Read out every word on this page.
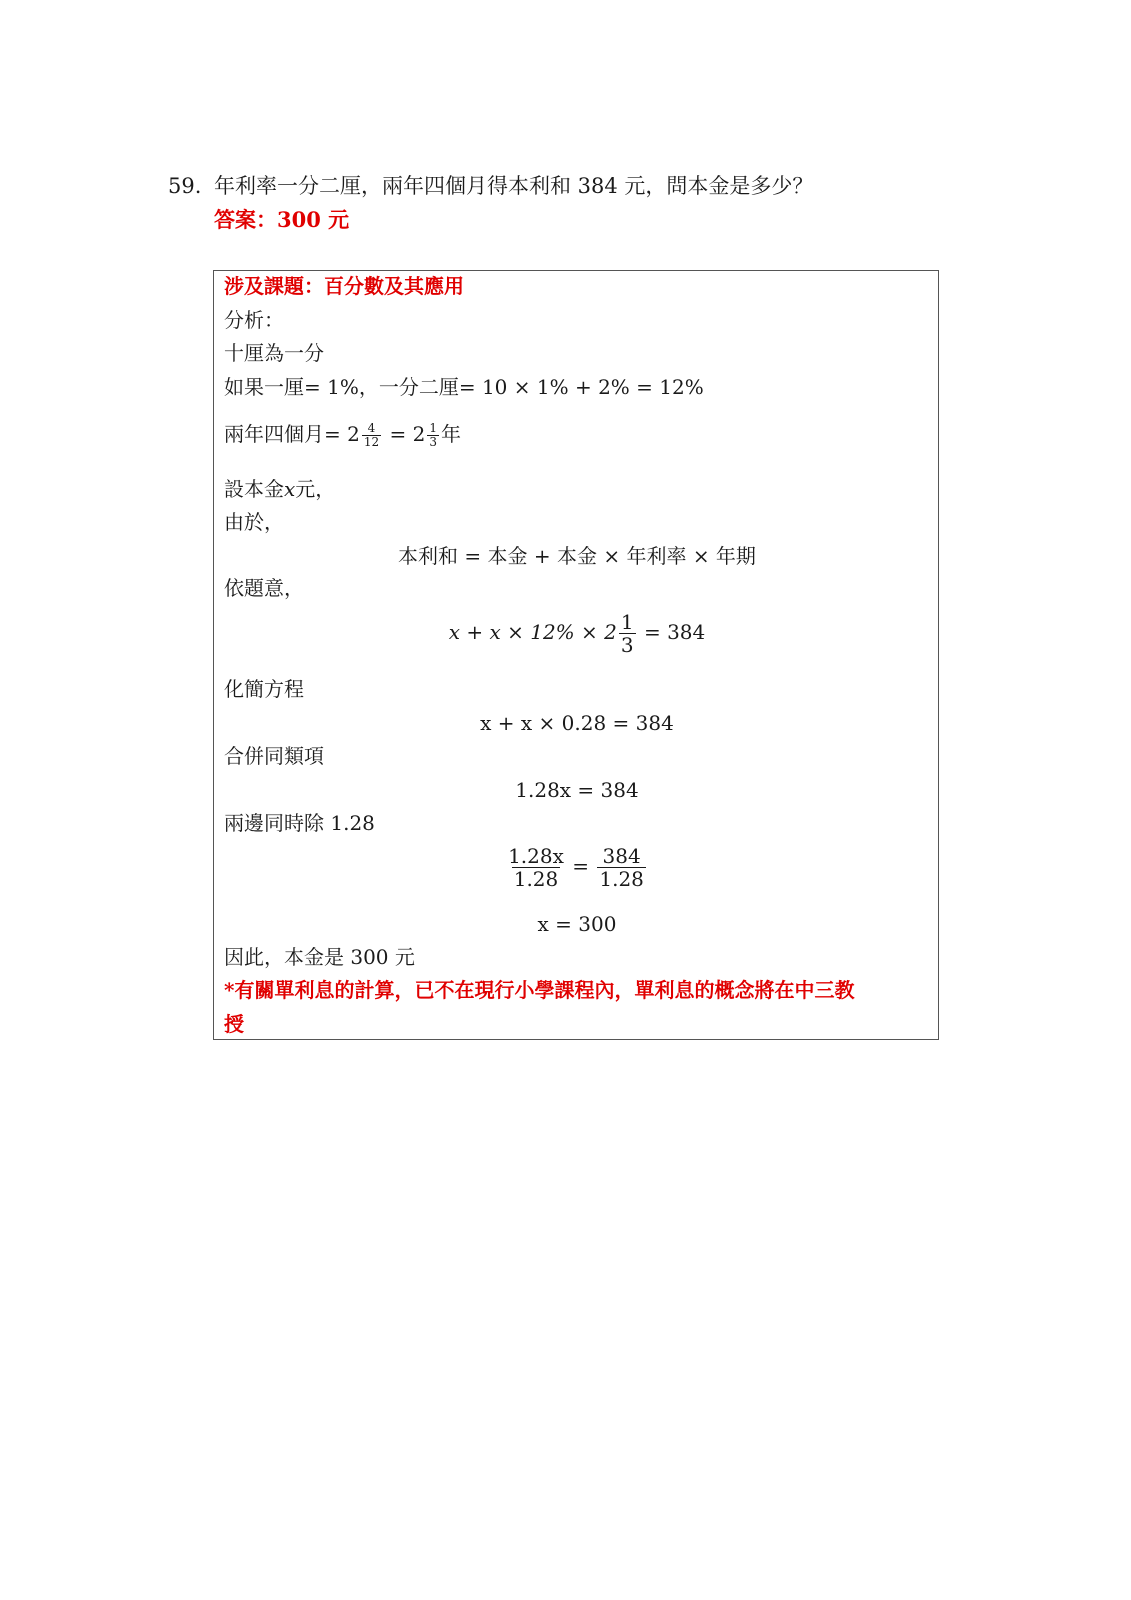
59. 年利率一分二厘，兩年四個月得本利和 384 元，問本金是多少？
答案：300 元
涉及課題：百分數及其應用
分析：
十厘為一分
如果一厘= 1%，一分二厘= 10 × 1% + 2% = 12%
兩年四個月= $2 \frac{4}{12} = 2 \frac{1}{3}$ 年
設本金x元，
由於，
本利和 = 本金 + 本金 × 年利率 × 年期
依題意，
$x + x \times 12\% \times 2 \frac{1}{3} = 384$
化簡方程
x + x × 0.28 = 384
合併同類項
1.28x = 384
兩邊同時除 1.28
$\frac{1.28x}{1.28} = \frac{384}{1.28}$
x = 300
因此，本金是 300 元
*有關單利息的計算，已不在現行小學課程內，單利息的概念將在中三教
授
